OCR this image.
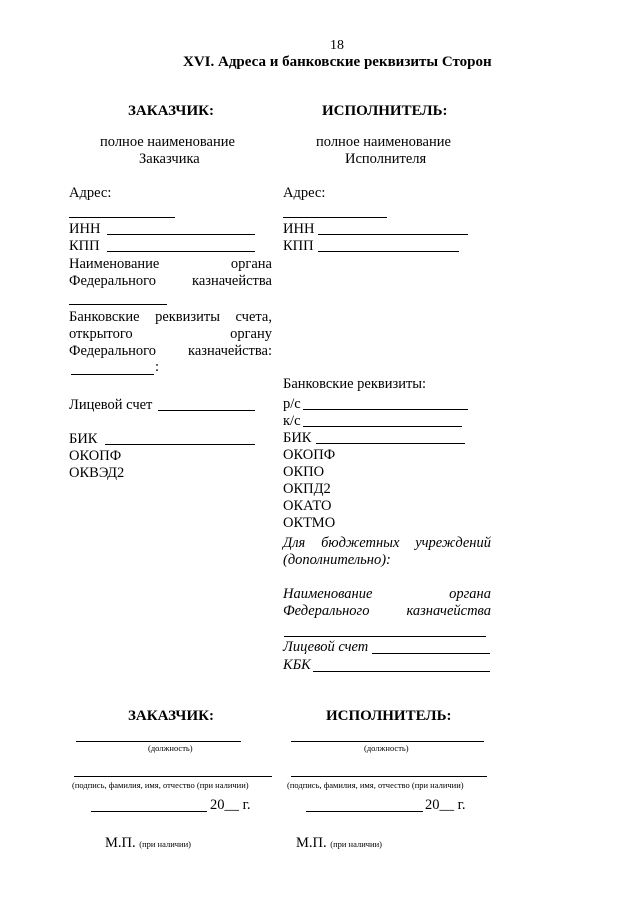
18
XVI. Адреса и банковские реквизиты Сторон
ЗАКАЗЧИК:
полное наименование
Заказчика
Адрес:
ИНН
КПП
Наименование	органа
Федерального казначейства
Банковские реквизиты счета,
открытого	органу
Федерального казначейства:
:
Лицевой счет
БИК
ОКОПФ
ОКВЭД2
ИСПОЛНИТЕЛЬ:
полное наименование
Исполнителя
Адрес:
ИНН
КПП
Банковские реквизиты:
р/с
к/с
БИК
ОКОПФ
ОКПО
ОКПД2
ОКАТО
ОКТМО
Для бюджетных учреждений
(дополнительно):
Наименование	органа
Федерального	казначейства
Лицевой счет
КБК
ЗАКАЗЧИК:	ИСПОЛНИТЕЛЬ:
(должность)	(должность)
(подпись, фамилия, имя, отчество (при наличии)	(подпись, фамилия, имя, отчество (при наличии)
20__ г.	20__ г.
М.П. (при наличии)	М.П. (при наличии)
